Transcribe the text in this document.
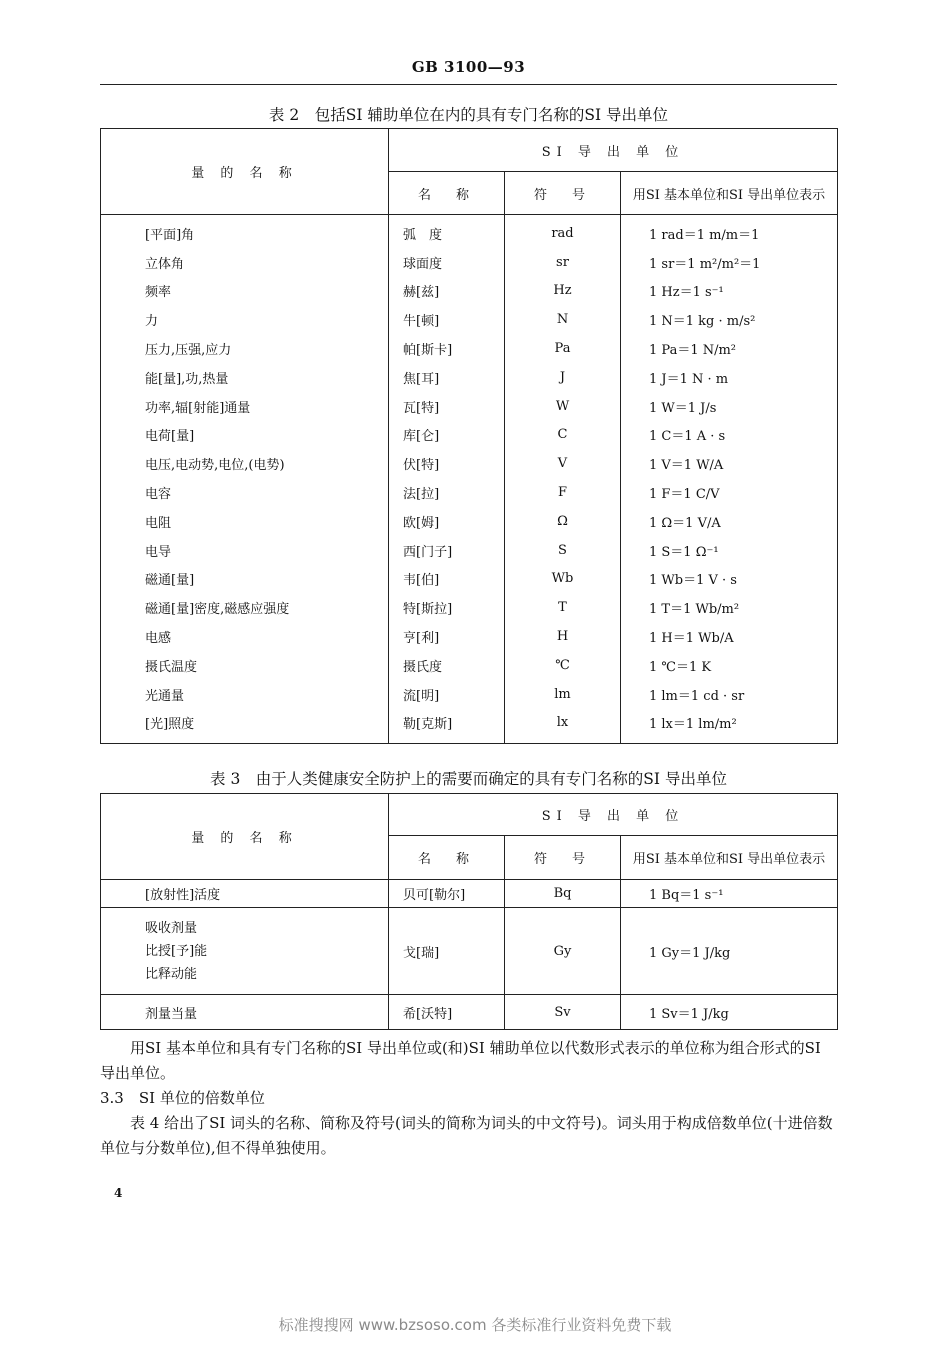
GB 3100—93
表 2　包括SI 辅助单位在内的具有专门名称的SI 导出单位
量 的 名 称	SI 导 出 单 位		
	名　称	符　号	用SI 基本单位和SI 导出单位表示
[平面]角	弧　度	rad	1 rad＝1 m/m＝1
立体角	球面度	sr	1 sr＝1 m²/m²＝1
频率	赫[兹]	Hz	1 Hz＝1 s⁻¹
力	牛[顿]	N	1 N＝1 kg · m/s²
压力,压强,应力	帕[斯卡]	Pa	1 Pa＝1 N/m²
能[量],功,热量	焦[耳]	J	1 J＝1 N · m
功率,辐[射能]通量	瓦[特]	W	1 W＝1 J/s
电荷[量]	库[仑]	C	1 C＝1 A · s
电压,电动势,电位,(电势)	伏[特]	V	1 V＝1 W/A
电容	法[拉]	F	1 F＝1 C/V
电阻	欧[姆]	Ω	1 Ω＝1 V/A
电导	西[门子]	S	1 S＝1 Ω⁻¹
磁通[量]	韦[伯]	Wb	1 Wb＝1 V · s
磁通[量]密度,磁感应强度	特[斯拉]	T	1 T＝1 Wb/m²
电感	亨[利]	H	1 H＝1 Wb/A
摄氏温度	摄氏度	℃	1 ℃＝1 K
光通量	流[明]	lm	1 lm＝1 cd · sr
[光]照度	勒[克斯]	lx	1 lx＝1 lm/m²
表 3　由于人类健康安全防护上的需要而确定的具有专门名称的SI 导出单位
量 的 名 称	SI 导 出 单 位		
	名　称	符　号	用SI 基本单位和SI 导出单位表示
[放射性]活度	贝可[勒尔]	Bq	1 Bq＝1 s⁻¹

吸收剂量
比授[予]能
比释动能	戈[瑞]	Gy	1 Gy＝1 J/kg
剂量当量	希[沃特]	Sv	1 Sv＝1 J/kg
　　用SI 基本单位和具有专门名称的SI 导出单位或(和)SI 辅助单位以代数形式表示的单位称为组合形式的SI 导出单位。
3.3　SI 单位的倍数单位
　　表 4 给出了SI 词头的名称、简称及符号(词头的简称为词头的中文符号)。词头用于构成倍数单位(十进倍数单位与分数单位),但不得单独使用。
4
标准搜搜网 www.bzsoso.com 各类标准行业资料免费下载
